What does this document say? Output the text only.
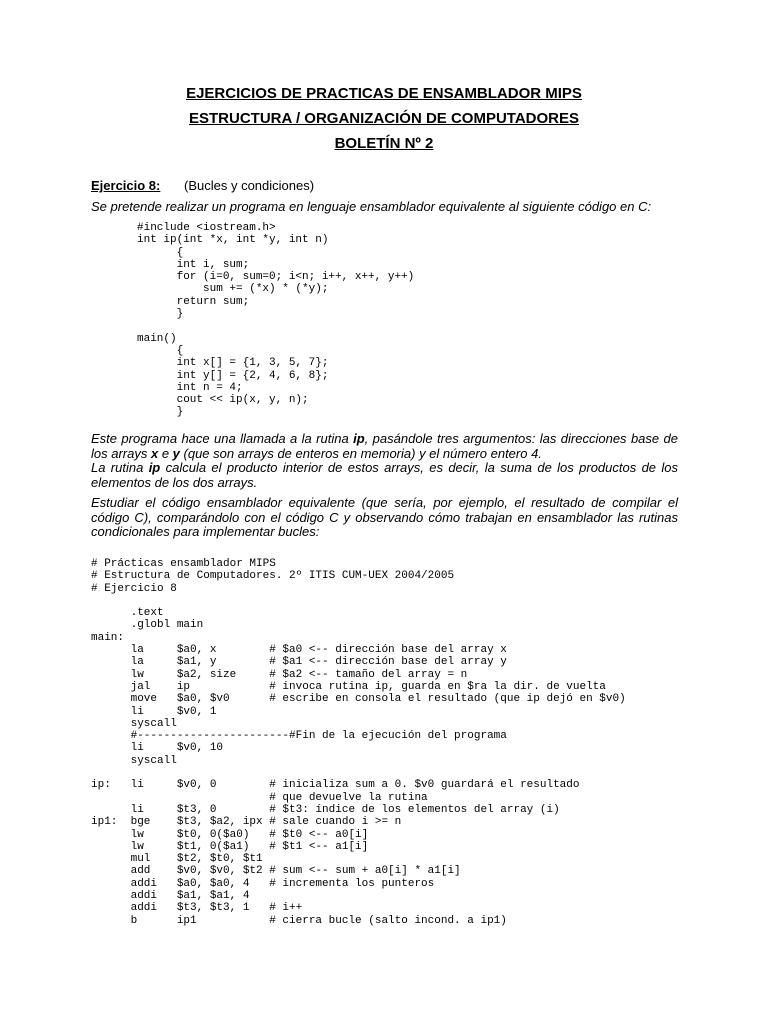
EJERCICIOS DE PRACTICAS DE ENSAMBLADOR MIPS
ESTRUCTURA / ORGANIZACIÓN DE COMPUTADORES
BOLETÍN Nº 2
Ejercicio 8: (Bucles y condiciones)

Se pretende realizar un programa en lenguaje ensamblador equivalente al siguiente código en C:

#include <iostream.h>
int ip(int *x, int *y, int n)
{
int i, sum;
for (i=0, sum=0; i<n; i++, x++, y++)
sum += (*x) * (*y);
return sum;
}

main()
{
int x[] = {1, 3, 5, 7};
int y[] = {2, 4, 6, 8};
int n = 4;
cout << ip(x, y, n);
}

Este programa hace una llamada a la rutina ip, pasándole tres argumentos: las direcciones base de los arrays x e y (que son arrays de enteros en memoria) y el número entero 4.
La rutina ip calcula el producto interior de estos arrays, es decir, la suma de los productos de los elementos de los dos arrays.

Estudiar el código ensamblador equivalente (que sería, por ejemplo, el resultado de compilar el código C), comparándolo con el código C y observando cómo trabajan en ensamblador las rutinas condicionales para implementar bucles:

# Prácticas ensamblador MIPS
# Estructura de Computadores. 2º ITIS CUM-UEX 2004/2005
# Ejercicio 8
.text
.globl main
main:
la     $a0, x        # $a0 <-- dirección base del array x
la     $a1, y        # $a1 <-- dirección base del array y
lw     $a2, size     # $a2 <-- tamaño del array = n
jal    ip            # invoca rutina ip, guarda en $ra la dir. de vuelta
move   $a0, $v0      # escribe en consola el resultado (que ip dejó en $v0)
li     $v0, 1
syscall
#-----------------------#Fin de la ejecución del programa
li     $v0, 10
syscall
ip:   li     $v0, 0        # inicializa sum a 0. $v0 guardará el resultado
# que devuelve la rutina
li     $t3, 0        # $t3: índice de los elementos del array (i)
ip1:  bge    $t3, $a2, ipx # sale cuando i >= n
lw     $t0, 0($a0)   # $t0 <-- a0[i]
lw     $t1, 0($a1)   # $t1 <-- a1[i]
mul    $t2, $t0, $t1
add    $v0, $v0, $t2 # sum <-- sum + a0[i] * a1[i]
addi   $a0, $a0, 4   # incrementa los punteros
addi   $a1, $a1, 4
addi   $t3, $t3, 1   # i++
b      ip1           # cierra bucle (salto incond. a ip1)
